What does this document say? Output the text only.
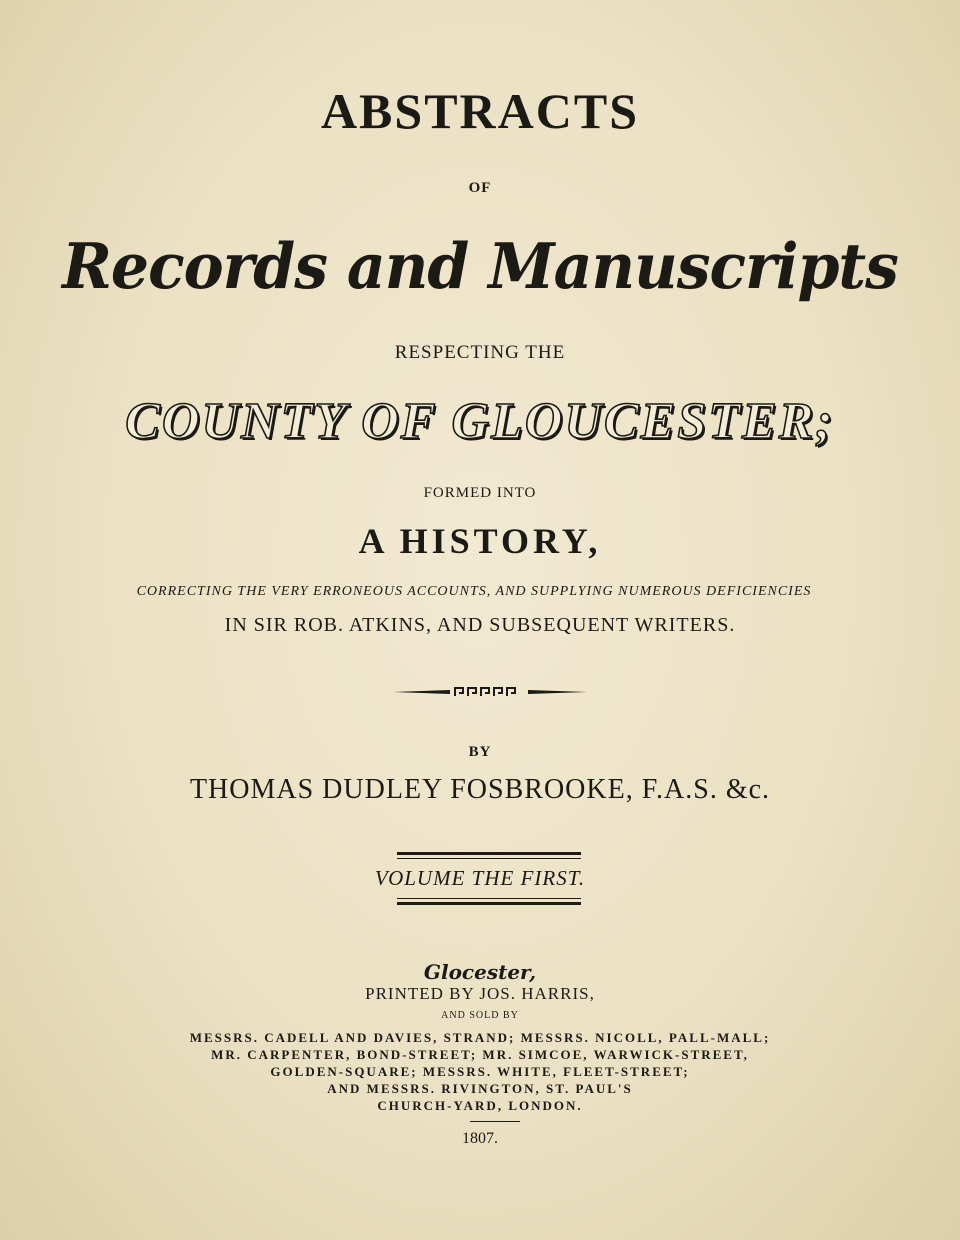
ABSTRACTS
OF
Records and Manuscripts
RESPECTING THE
COUNTY OF GLOUCESTER;
FORMED INTO
A HISTORY,
CORRECTING THE VERY ERRONEOUS ACCOUNTS, AND SUPPLYING NUMEROUS DEFICIENCIES
IN SIR ROB. ATKINS, AND SUBSEQUENT WRITERS.
BY
THOMAS DUDLEY FOSBROOKE, F.A.S. &c.
VOLUME THE FIRST.
Glocester,
PRINTED BY JOS. HARRIS,
AND SOLD BY
MESSRS. CADELL AND DAVIES, STRAND; MESSRS. NICOLL, PALL-MALL;
MR. CARPENTER, BOND-STREET; MR. SIMCOE, WARWICK-STREET,
GOLDEN-SQUARE; MESSRS. WHITE, FLEET-STREET;
AND MESSRS. RIVINGTON, ST. PAUL'S
CHURCH-YARD, LONDON.
1807.
